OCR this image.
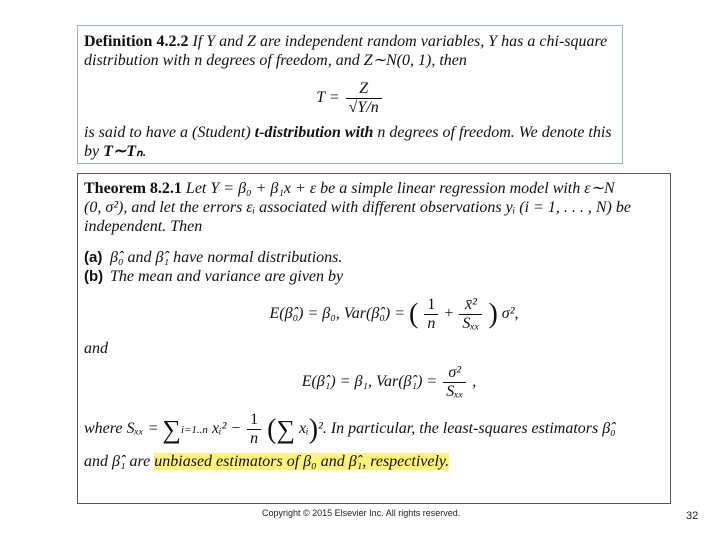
Definition 4.2.2 If Y and Z are independent random variables, Y has a chi-square
distribution with n degrees of freedom, and Z∼N(0, 1), then
$T = \frac{Z}{√Y/n}$
is said to have a (Student) t-distribution with n degrees of freedom. We denote this
by T∼Tₙ.
Theorem 8.2.1 Let Y = β₀ + β₁x + ε be a simple linear regression model with ε∼N
(0, σ²), and let the errors εᵢ associated with different observations yᵢ (i = 1, . . . , N) be
independent. Then
(a) β̂₀ and β̂₁ have normal distributions.
(b) The mean and variance are given by
E(β̂₀) = β₀, Var(β̂₀) = ( $\frac{1}{n} + \frac{\text{x̄²}}{\text{Sₓₓ}}$ ) σ²,
and
E(β̂₁) = β₁, Var(β̂₁) = $\frac{\text{σ²}}{\text{Sₓₓ}}$ ,
where Sₓₓ = ∑i=1..n xᵢ² − $\frac{1}{n}$ (∑ xᵢ)². In particular, the least-squares estimators β̂₀
and β̂₁ are unbiased estimators of β₀ and β̂₁, respectively.
Copyright © 2015 Elsevier Inc. All rights reserved.	32
